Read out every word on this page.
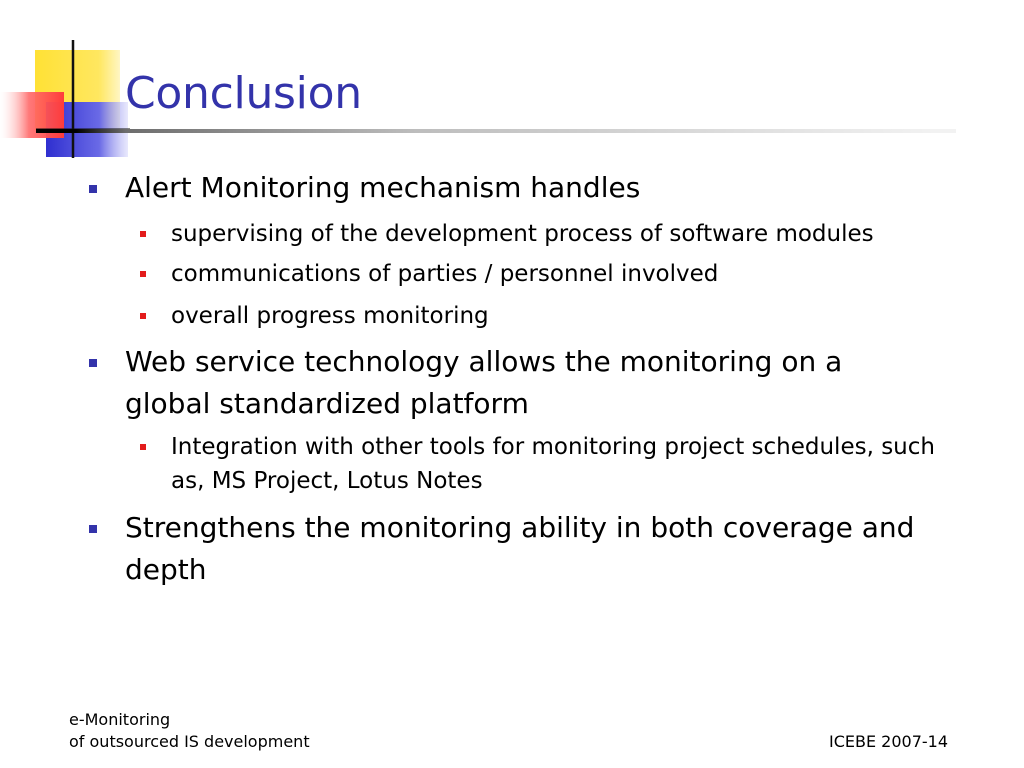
Conclusion
Alert Monitoring mechanism handles
supervising of the development process of software modules
communications of parties / personnel involved
overall progress monitoring
Web service technology allows the monitoring on a global standardized platform
Integration with other tools for monitoring project schedules, such as, MS Project, Lotus Notes
Strengthens the monitoring ability in both coverage and depth
e-Monitoring
of outsourced IS development	ICEBE 2007-14
